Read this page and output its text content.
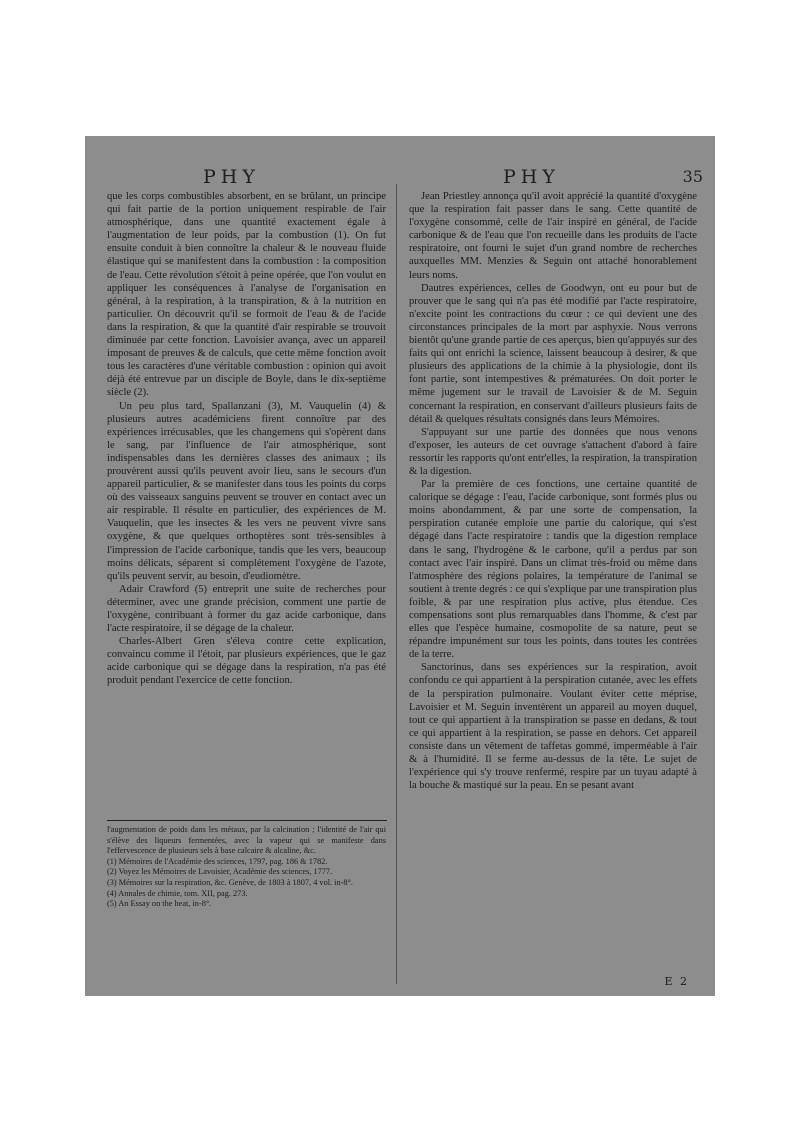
PHY	PHY	35

que les corps combustibles absorbent, en se brûlant, un principe qui fait partie de la portion uniquement respirable de l'air atmosphérique, dans une quantité exactement égale à l'augmentation de leur poids, par la combustion (1). On fut ensuite conduit à bien connoître la chaleur & le nouveau fluide élastique qui se manifestent dans la combustion : la composition de l'eau. Cette révolution s'étoit à peine opérée, que l'on voulut en appliquer les conséquences à l'analyse de l'organisation en général, à la respiration, à la transpiration, & à la nutrition en particulier. On découvrit qu'il se formoit de l'eau & de l'acide dans la respiration, & que la quantité d'air respirable se trouvoit diminuée par cette fonction. Lavoisier avança, avec un appareil imposant de preuves & de calculs, que cette même fonction avoit tous les caractères d'une véritable combustion : opinion qui avoit déjà été entrevue par un disciple de Boyle, dans le dix-septième siècle (2).

Un peu plus tard, Spallanzani (3), M. Vauquelin (4) & plusieurs autres académiciens firent connoître par des expériences irrécusables, que les changemens qui s'opèrent dans le sang, par l'influence de l'air atmosphérique, sont indispensables dans les dernières classes des animaux ; ils prouvèrent aussi qu'ils peuvent avoir lieu, sans le secours d'un appareil particulier, & se manifester dans tous les points du corps où des vaisseaux sanguins peuvent se trouver en contact avec un air respirable. Il résulte en particulier, des expériences de M. Vauquelin, que les insectes & les vers ne peuvent vivre sans oxygène, & que quelques orthoptères sont très-sensibles à l'impression de l'acide carbonique, tandis que les vers, beaucoup moins délicats, séparent si complétement l'oxygène de l'azote, qu'ils peuvent servir, au besoin, d'eudiomètre.

Adair Crawford (5) entreprit une suite de recherches pour déterminer, avec une grande précision, comment une partie de l'oxygène, contribuant à former du gaz acide carbonique, dans l'acte respiratoire, il se dégage de la chaleur.

Charles-Albert Gren s'éleva contre cette explication, convaincu comme il l'étoit, par plusieurs expériences, que le gaz acide carbonique qui se dégage dans la respiration, n'a pas été produit pendant l'exercice de cette fonction.

l'augmentation de poids dans les métaux, par la calcination ; l'identité de l'air qui s'élève des liqueurs fermentées, avec la vapeur qui se manifeste dans l'effervescence de plusieurs sels à base calcaire & alcaline, &c.

(1) Mémoires de l'Académie des sciences, 1797, pag. 186 & 1782.

(2) Voyez les Mémoires de Lavoisier, Académie des sciences, 1777.

(3) Mémoires sur la respiration, &c. Genève, de 1803 à 1807, 4 vol. in-8°.

(4) Annales de chimie, tom. XII, pag. 273.

(5) An Essay on the heat, in-8°.

Jean Priestley annonça qu'il avoit apprécié la quantité d'oxygène que la respiration fait passer dans le sang. Cette quantité de l'oxygène consommé, celle de l'air inspiré en général, de l'acide carbonique & de l'eau que l'on recueille dans les produits de l'acte respiratoire, ont fourni le sujet d'un grand nombre de recherches auxquelles MM. Menzies & Seguin ont attaché honorablement leurs noms.

Dautres expériences, celles de Goodwyn, ont eu pour but de prouver que le sang qui n'a pas été modifié par l'acte respiratoire, n'excite point les contractions du cœur : ce qui devient une des circonstances principales de la mort par asphyxie. Nous verrons bientôt qu'une grande partie de ces aperçus, bien qu'appuyés sur des faits qui ont enrichi la science, laissent beaucoup à desirer, & que plusieurs des applications de la chimie à la physiologie, dont ils font partie, sont intempestives & prématurées. On doit porter le même jugement sur le travail de Lavoisier & de M. Seguin concernant la respiration, en conservant d'ailleurs plusieurs faits de détail & quelques résultats consignés dans leurs Mémoires.

S'appuyant sur une partie des données que nous venons d'exposer, les auteurs de cet ouvrage s'attachent d'abord à faire ressortir les rapports qu'ont entr'elles, la respiration, la transpiration & la digestion.

Par la première de ces fonctions, une certaine quantité de calorique se dégage : l'eau, l'acide carbonique, sont formés plus ou moins abondamment, & par une sorte de compensation, la perspiration cutanée emploie une partie du calorique, qui s'est dégagé dans l'acte respiratoire : tandis que la digestion remplace dans le sang, l'hydrogène & le carbone, qu'il a perdus par son contact avec l'air inspiré. Dans un climat très-froid ou même dans l'atmosphère des régions polaires, la température de l'animal se soutient à trente degrés : ce qui s'explique par une transpiration plus foible, & par une respiration plus active, plus étendue. Ces compensations sont plus remarquables dans l'homme, & c'est par elles que l'espèce humaine, cosmopolite de sa nature, peut se répandre impunément sur tous les points, dans toutes les contrées de la terre.

Sanctorinus, dans ses expériences sur la respiration, avoit confondu ce qui appartient à la perspiration cutanée, avec les effets de la perspiration pulmonaire. Voulant éviter cette méprise, Lavoisier et M. Seguin inventèrent un appareil au moyen duquel, tout ce qui appartient à la transpiration se passe en dedans, & tout ce qui appartient à la respiration, se passe en dehors. Cet appareil consiste dans un vêtement de taffetas gommé, imperméable à l'air & à l'humidité. Il se ferme au-dessus de la tête. Le sujet de l'expérience qui s'y trouve renfermé, respire par un tuyau adapté à la bouche & mastiqué sur la peau. En se pesant avant

E 2
